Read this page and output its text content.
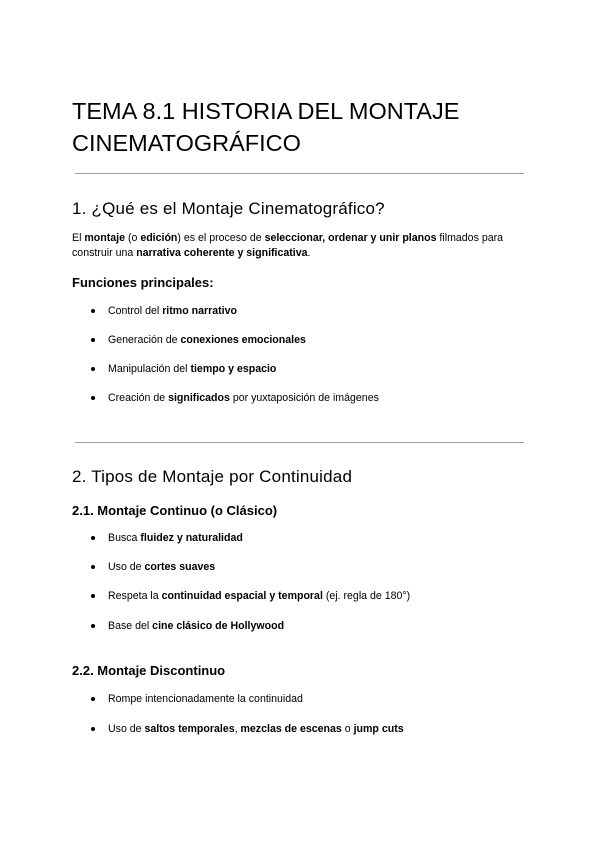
TEMA 8.1 HISTORIA DEL MONTAJE CINEMATOGRÁFICO
1. ¿Qué es el Montaje Cinematográfico?

El montaje (o edición) es el proceso de seleccionar, ordenar y unir planos filmados para construir una narrativa coherente y significativa.

Funciones principales:
Control del ritmo narrativo
Generación de conexiones emocionales
Manipulación del tiempo y espacio
Creación de significados por yuxtaposición de imágenes
2. Tipos de Montaje por Continuidad
2.1. Montaje Continuo (o Clásico)
Busca fluidez y naturalidad
Uso de cortes suaves
Respeta la continuidad espacial y temporal (ej. regla de 180°)
Base del cine clásico de Hollywood
2.2. Montaje Discontinuo
Rompe intencionadamente la continuidad
Uso de saltos temporales, mezclas de escenas o jump cuts
